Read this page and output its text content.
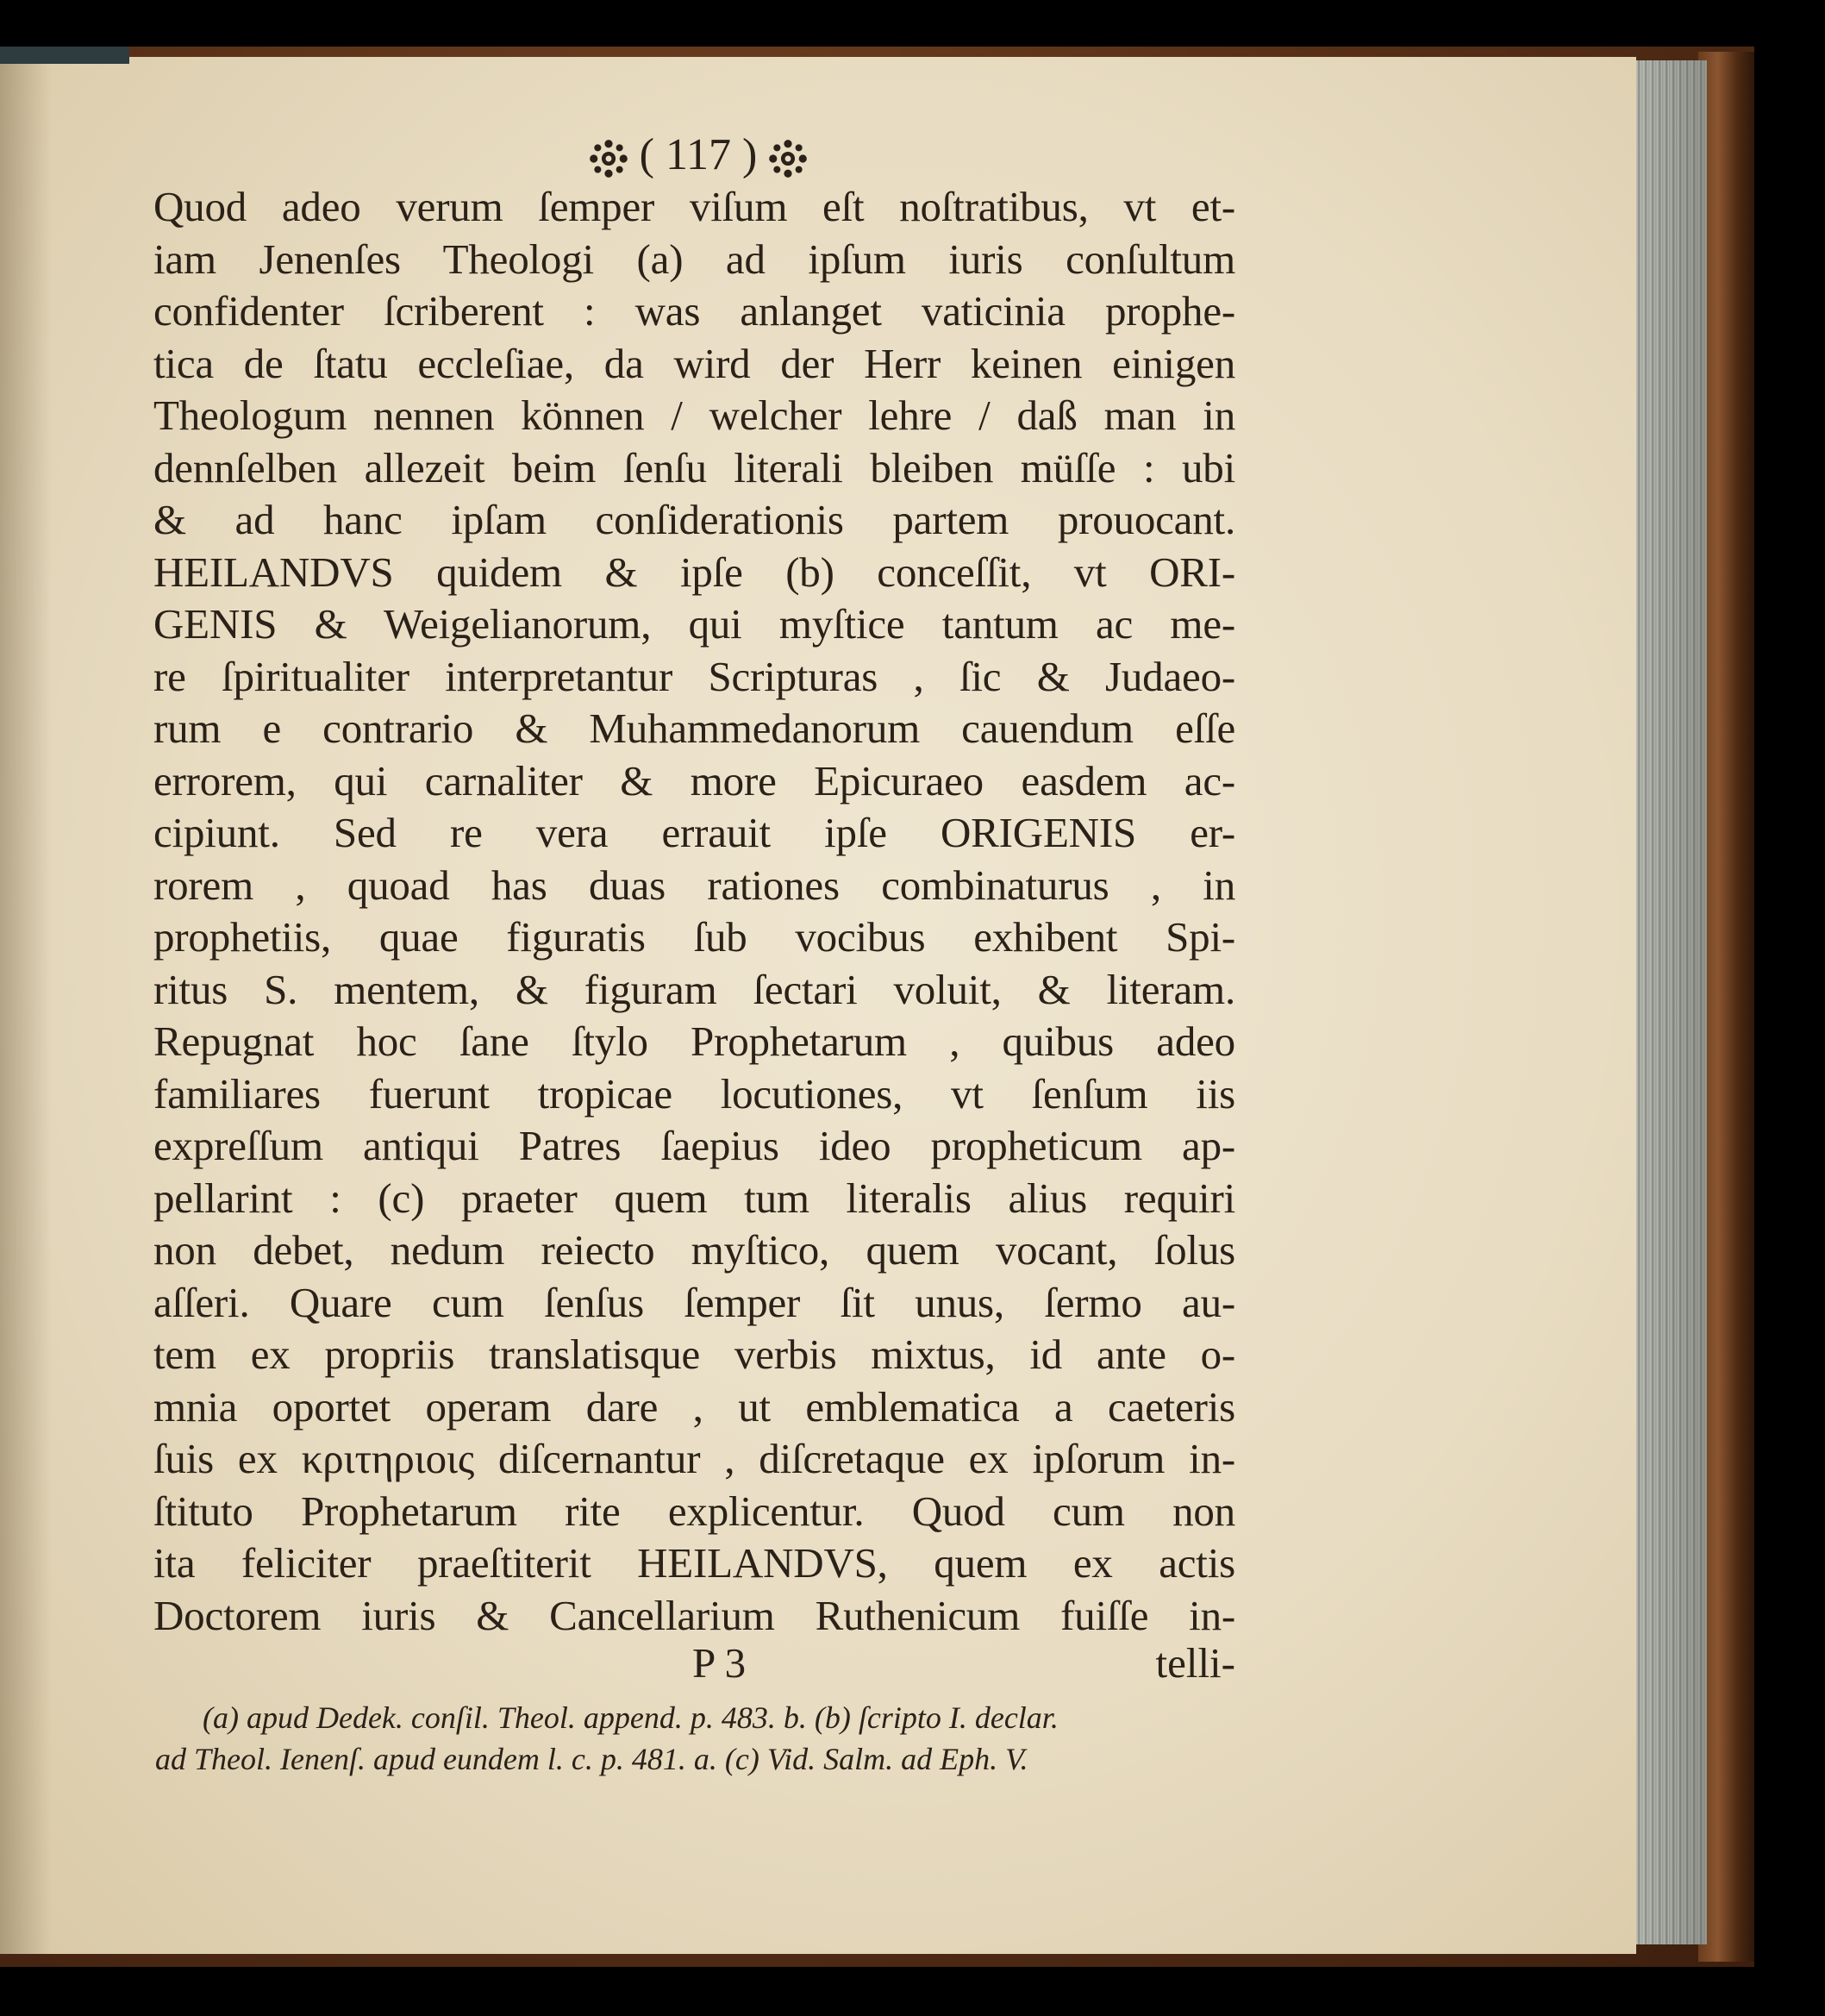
( 117 )
Quod adeo verum ſemper viſum eſt noſtratibus, vt et-
iam Jenenſes Theologi (a) ad ipſum iuris conſultum
confidenter ſcriberent : was anlanget vaticinia prophe-
tica de ſtatu eccleſiae, da wird der Herr keinen einigen
Theologum nennen können / welcher lehre / daß man in
dennſelben allezeit beim ſenſu literali bleiben müſſe : ubi
& ad hanc ipſam conſiderationis partem prouocant.
HEILANDVS quidem & ipſe (b) conceſſit, vt ORI-
GENIS & Weigelianorum, qui myſtice tantum ac me-
re ſpiritualiter interpretantur Scripturas , ſic & Judaeo-
rum e contrario & Muhammedanorum cauendum eſſe
errorem, qui carnaliter & more Epicuraeo easdem ac-
cipiunt. Sed re vera errauit ipſe ORIGENIS er-
rorem , quoad has duas rationes combinaturus , in
prophetiis, quae figuratis ſub vocibus exhibent Spi-
ritus S. mentem, & figuram ſectari voluit, & literam.
Repugnat hoc ſane ſtylo Prophetarum , quibus adeo
familiares fuerunt tropicae locutiones, vt ſenſum iis
expreſſum antiqui Patres ſaepius ideo propheticum ap-
pellarint : (c) praeter quem tum literalis alius requiri
non debet, nedum reiecto myſtico, quem vocant, ſolus
aſſeri. Quare cum ſenſus ſemper ſit unus, ſermo au-
tem ex propriis translatisque verbis mixtus, id ante o-
mnia oportet operam dare , ut emblematica a caeteris
ſuis ex κριτηριοις diſcernantur , diſcretaque ex ipſorum in-
ſtituto Prophetarum rite explicentur. Quod cum non
ita feliciter praeſtiterit HEILANDVS, quem ex actis
Doctorem iuris & Cancellarium Ruthenicum fuiſſe in-
P 3	telli-
(a) apud Dedek. conſil. Theol. append. p. 483. b. (b) ſcripto I. declar.
ad Theol. Ienenſ. apud eundem l. c. p. 481. a. (c) Vid. Salm. ad Eph. V.
